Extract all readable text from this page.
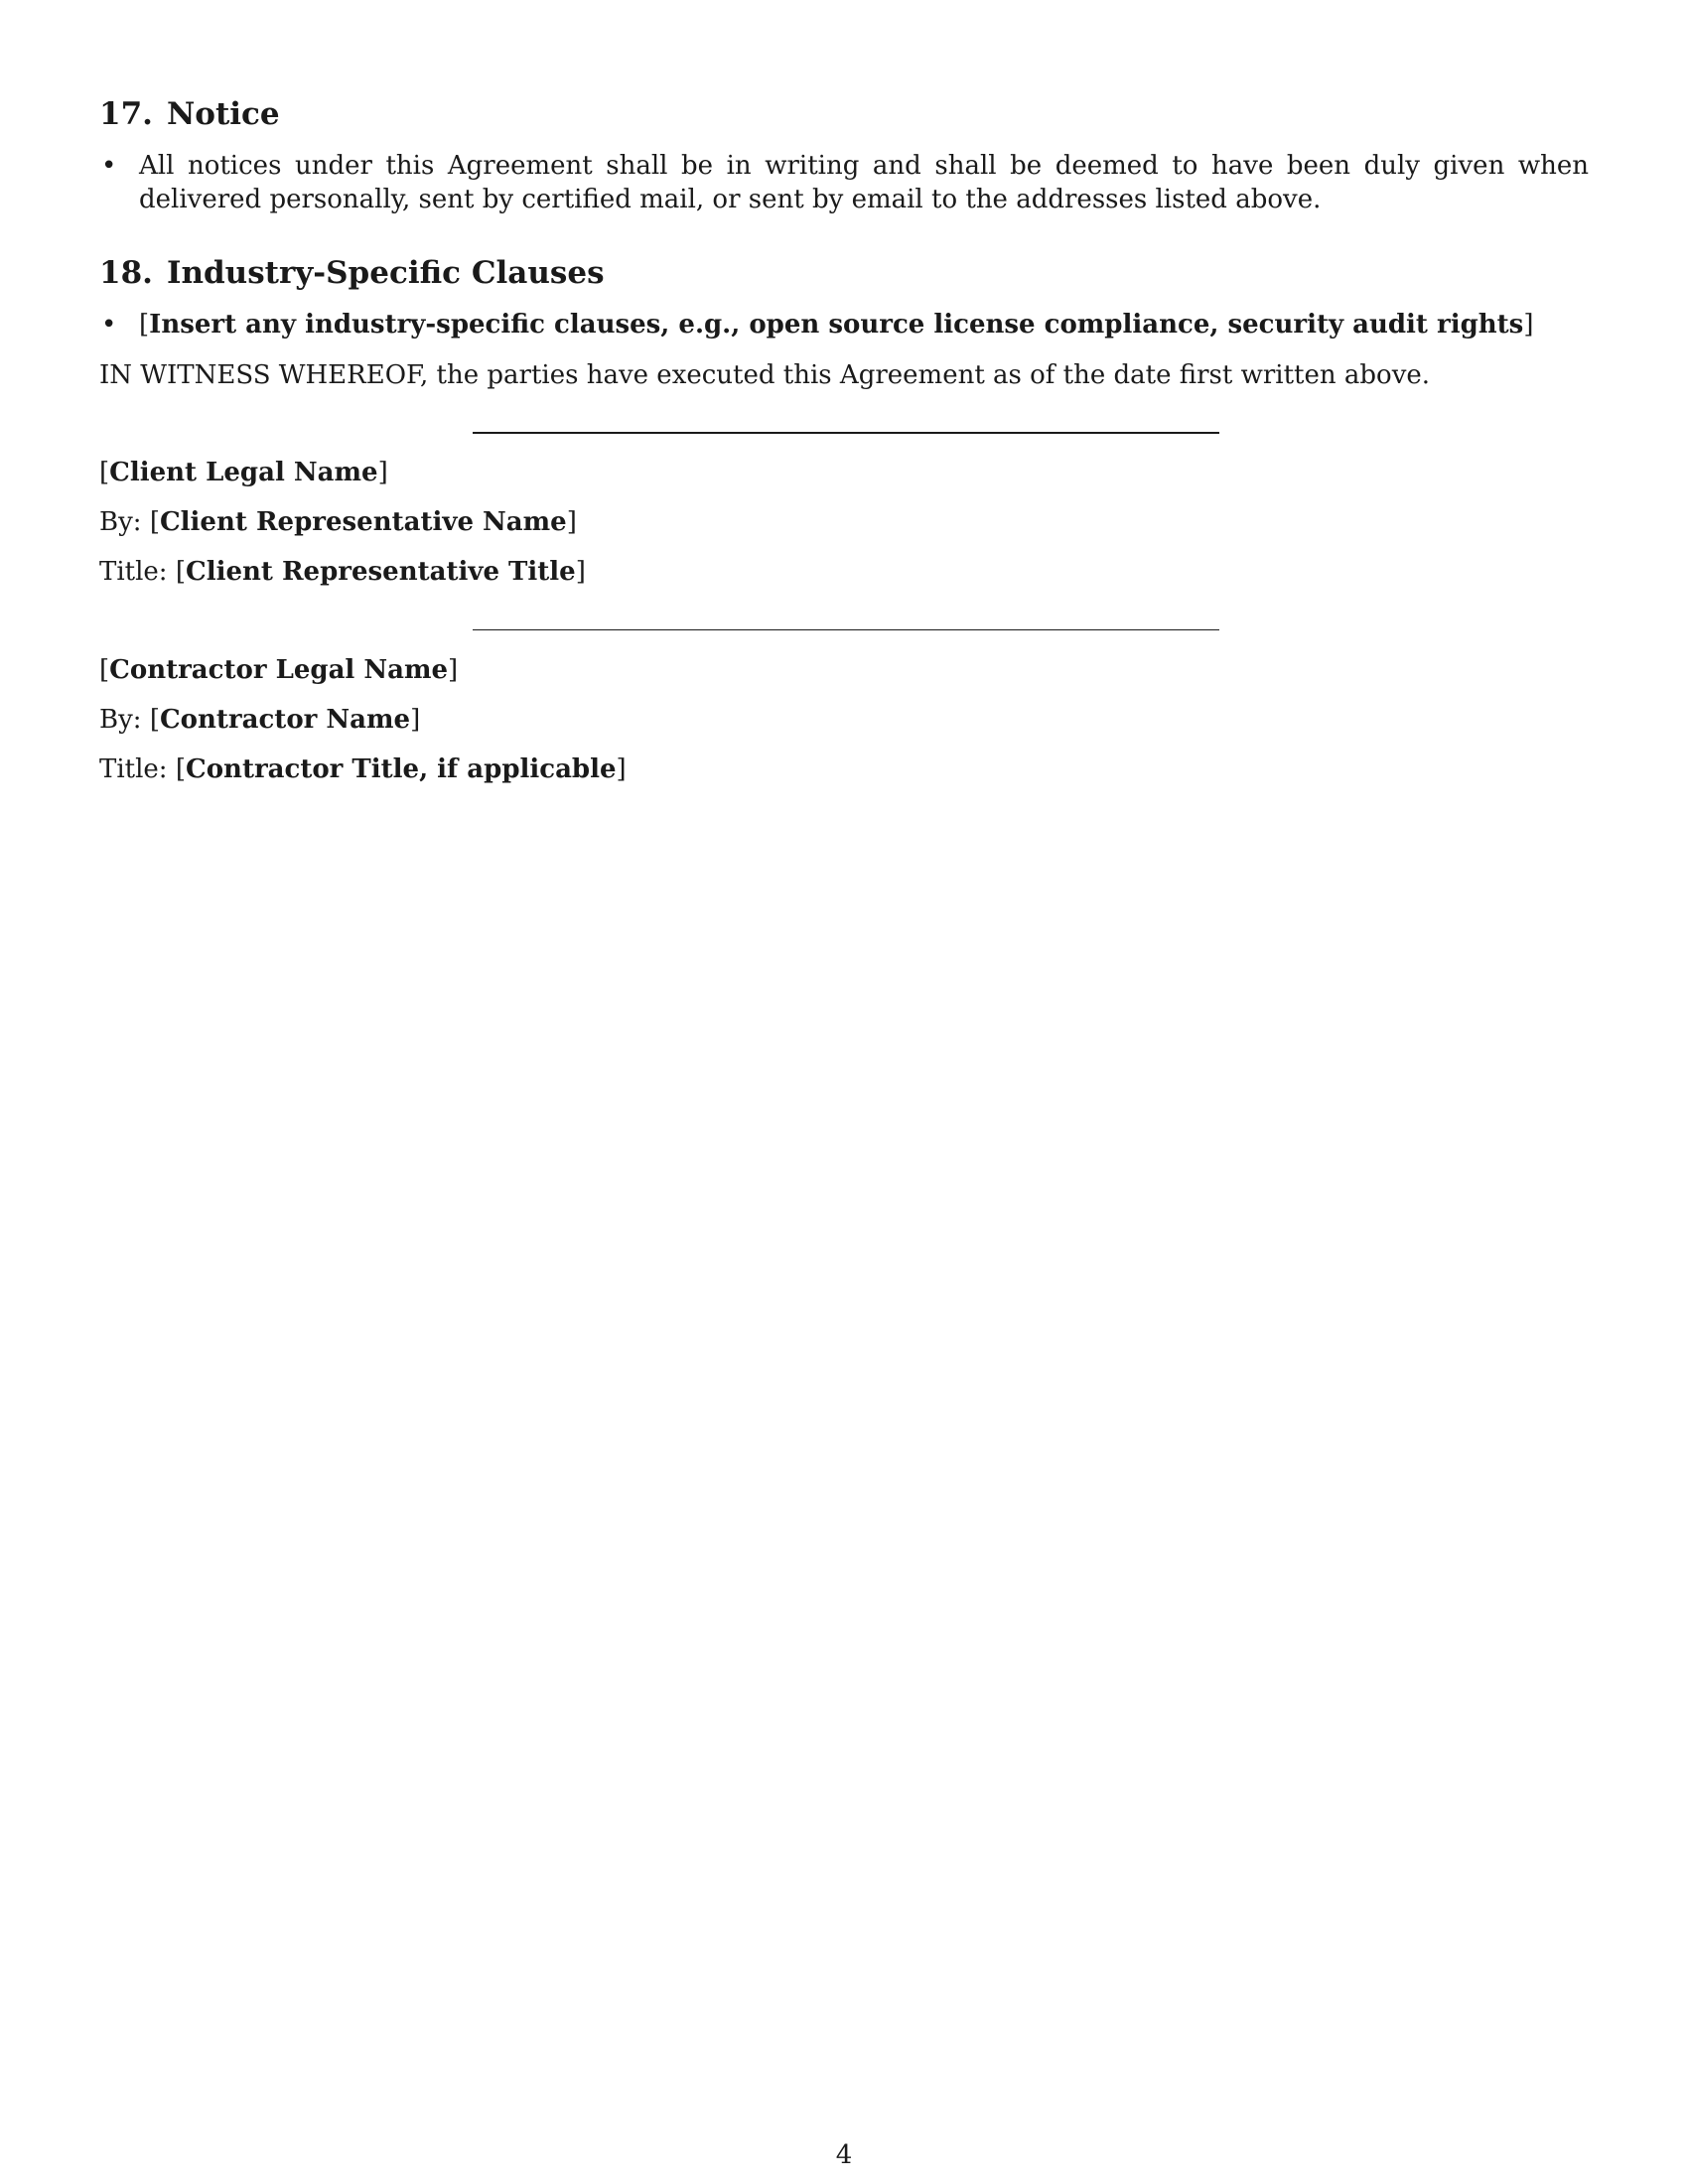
17. Notice
• All notices under this Agreement shall be in writing and shall be deemed to have been duly given when delivered personally, sent by certified mail, or sent by email to the addresses listed above.
18. Industry-Specific Clauses
• [Insert any industry-specific clauses, e.g., open source license compliance, security audit rights]
IN WITNESS WHEREOF, the parties have executed this Agreement as of the date first written above.
[Client Legal Name]
By: [Client Representative Name]
Title: [Client Representative Title]
[Contractor Legal Name]
By: [Contractor Name]
Title: [Contractor Title, if applicable]
4
